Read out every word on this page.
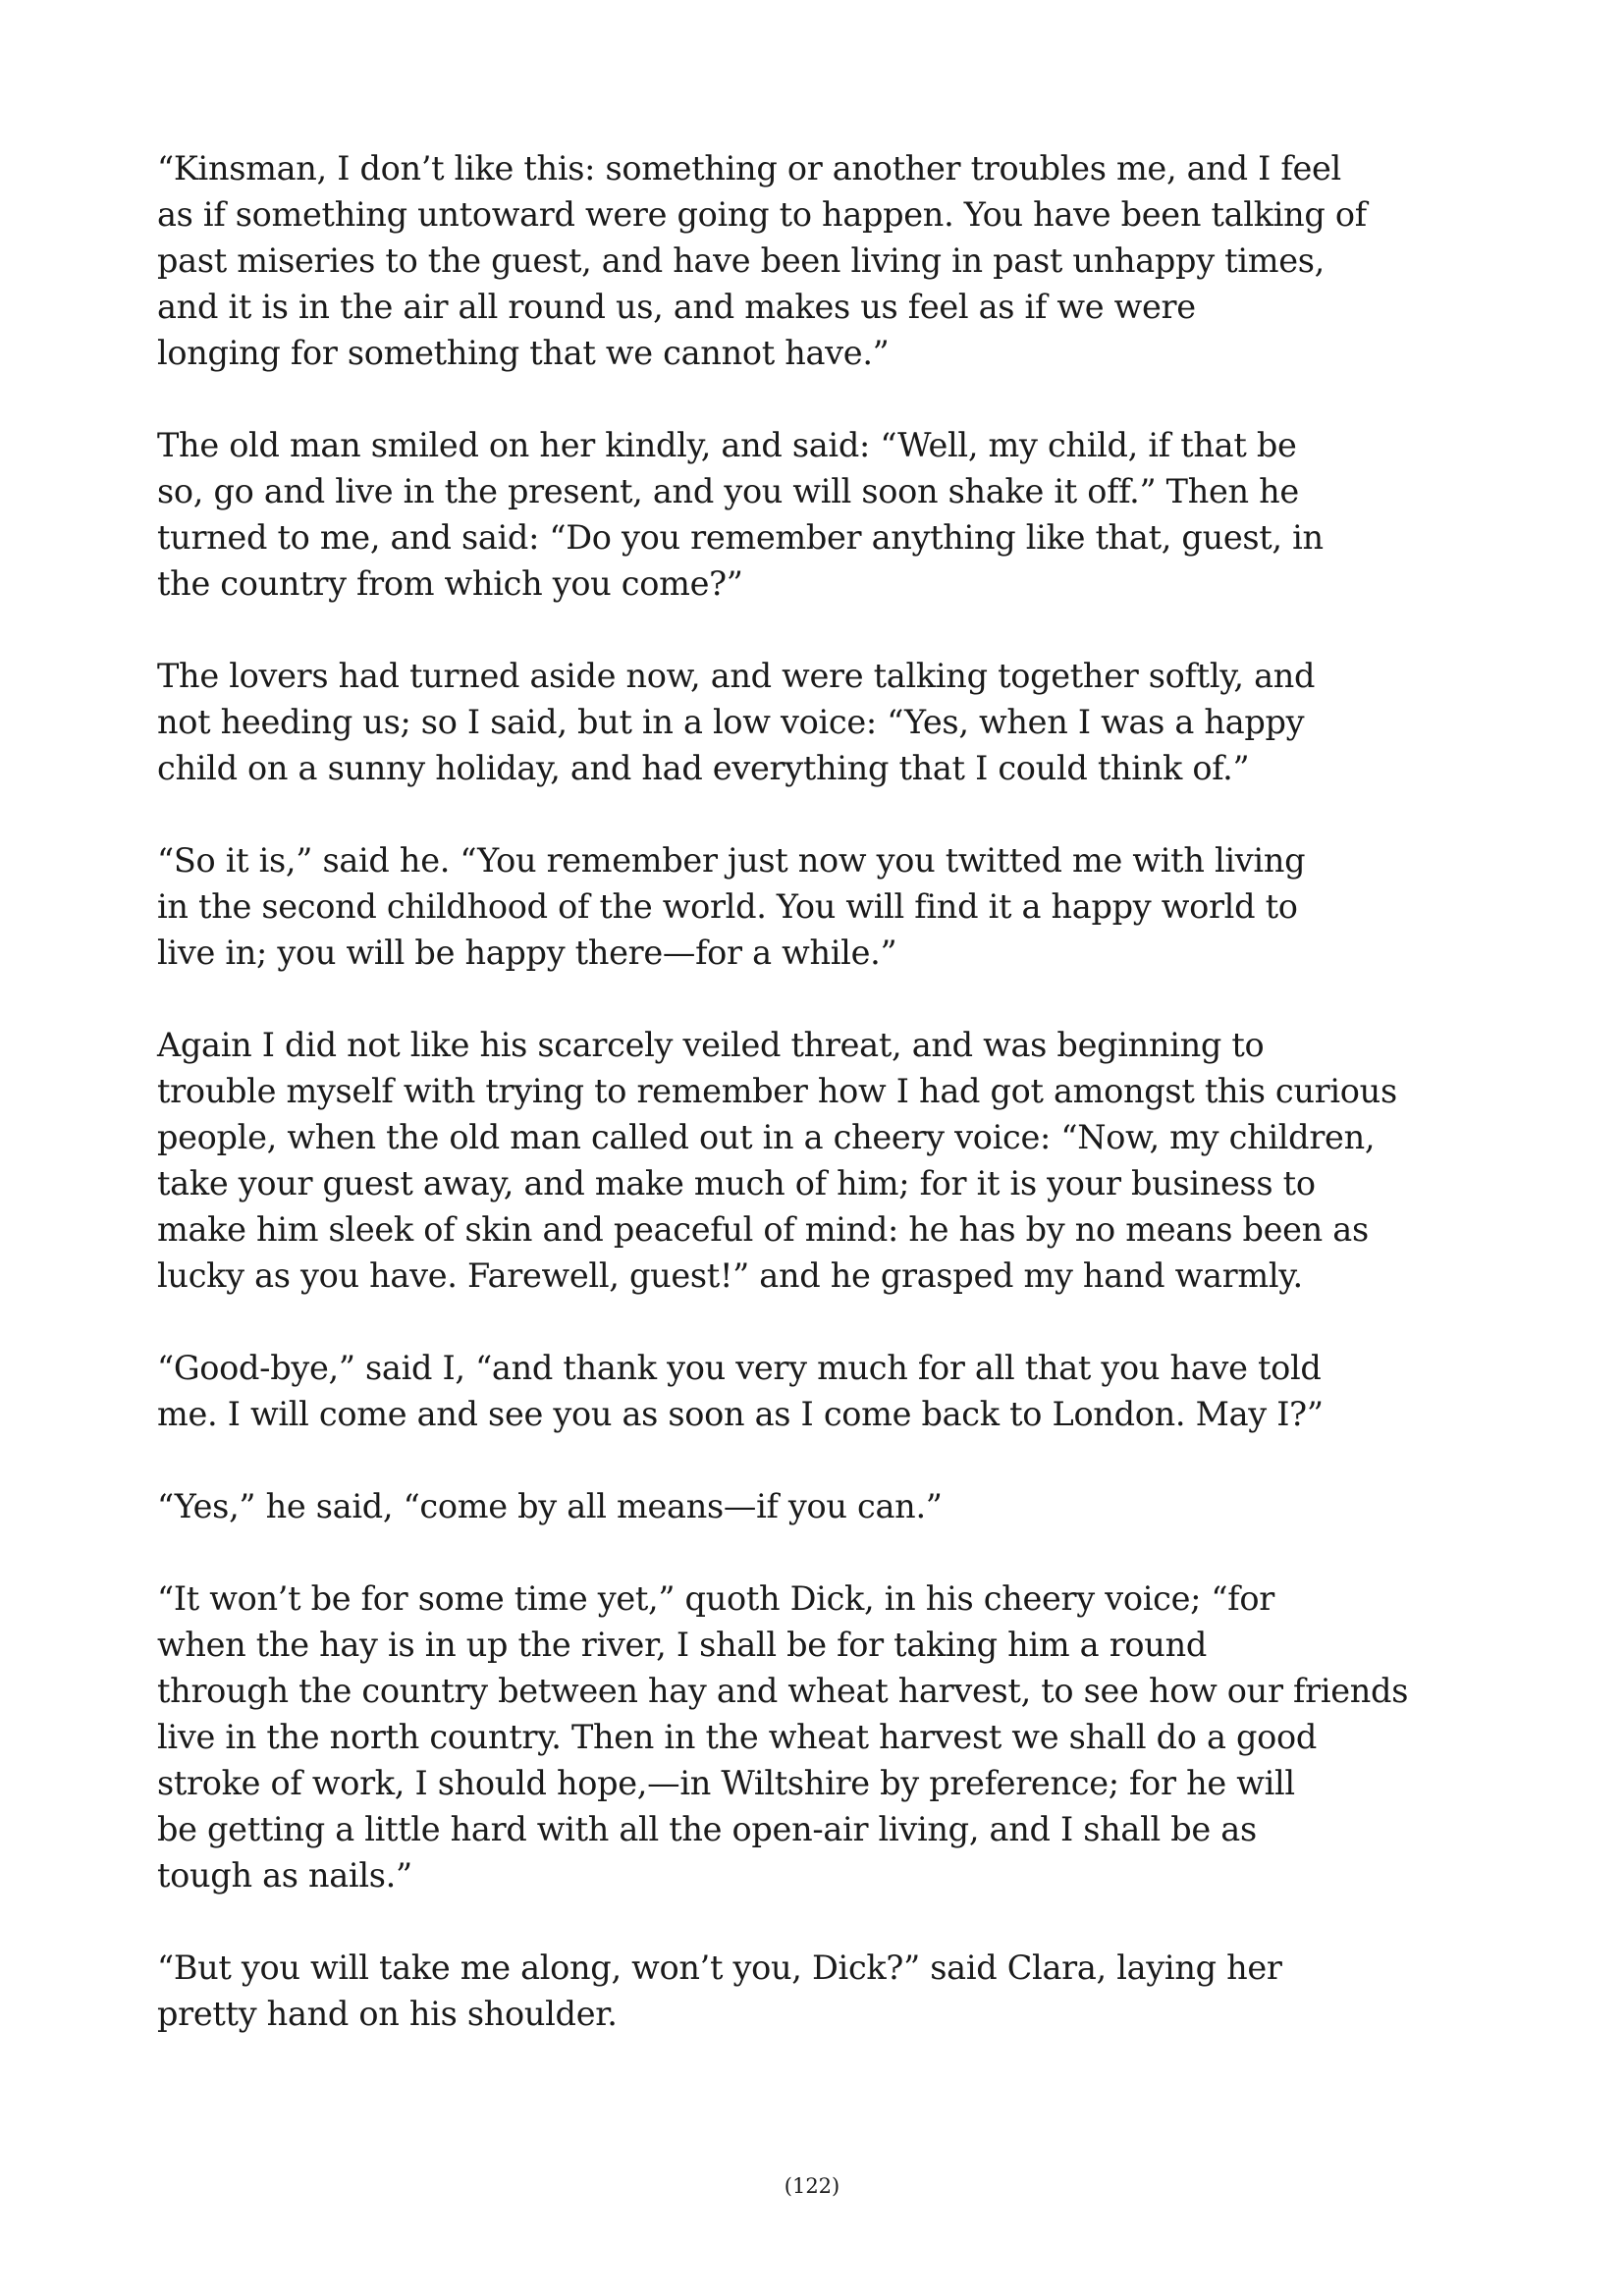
“Kinsman, I don’t like this: something or another troubles me, and I feel
as if something untoward were going to happen. You have been talking of
past miseries to the guest, and have been living in past unhappy times,
and it is in the air all round us, and makes us feel as if we were
longing for something that we cannot have.”

The old man smiled on her kindly, and said: “Well, my child, if that be
so, go and live in the present, and you will soon shake it off.” Then he
turned to me, and said: “Do you remember anything like that, guest, in
the country from which you come?”

The lovers had turned aside now, and were talking together softly, and
not heeding us; so I said, but in a low voice: “Yes, when I was a happy
child on a sunny holiday, and had everything that I could think of.”

“So it is,” said he. “You remember just now you twitted me with living
in the second childhood of the world. You will find it a happy world to
live in; you will be happy there—for a while.”

Again I did not like his scarcely veiled threat, and was beginning to
trouble myself with trying to remember how I had got amongst this curious
people, when the old man called out in a cheery voice: “Now, my children,
take your guest away, and make much of him; for it is your business to
make him sleek of skin and peaceful of mind: he has by no means been as
lucky as you have. Farewell, guest!” and he grasped my hand warmly.

“Good-bye,” said I, “and thank you very much for all that you have told
me. I will come and see you as soon as I come back to London. May I?”

“Yes,” he said, “come by all means—if you can.”

“It won’t be for some time yet,” quoth Dick, in his cheery voice; “for
when the hay is in up the river, I shall be for taking him a round
through the country between hay and wheat harvest, to see how our friends
live in the north country. Then in the wheat harvest we shall do a good
stroke of work, I should hope,—in Wiltshire by preference; for he will
be getting a little hard with all the open-air living, and I shall be as
tough as nails.”

“But you will take me along, won’t you, Dick?” said Clara, laying her
pretty hand on his shoulder.

(122)
